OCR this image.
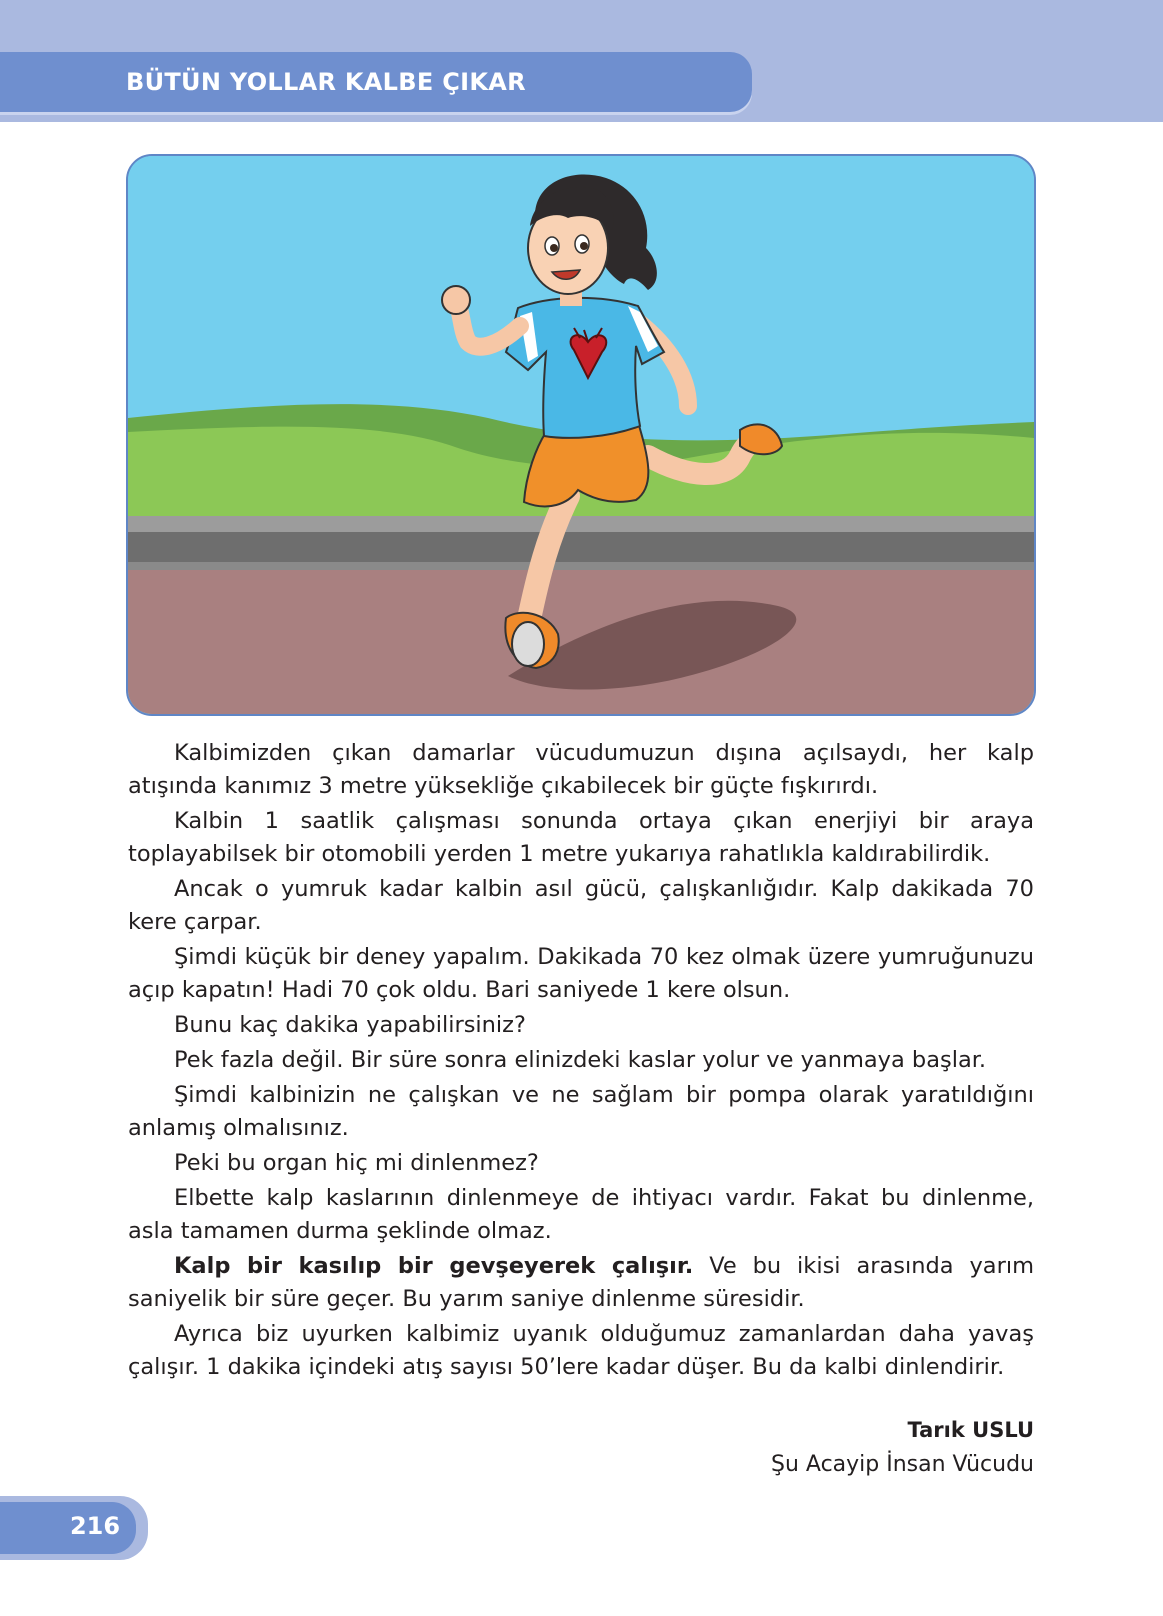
BÜTÜN YOLLAR KALBE ÇIKAR

Kalbimizden çıkan damarlar vücudumuzun dışına açılsaydı, her kalp atışında kanımız 3 metre yüksekliğe çıkabilecek bir güçte fışkırırdı.

Kalbin 1 saatlik çalışması sonunda ortaya çıkan enerjiyi bir araya toplayabilsek bir otomobili yerden 1 metre yukarıya rahatlıkla kaldırabilirdik.

Ancak o yumruk kadar kalbin asıl gücü, çalışkanlığıdır. Kalp dakikada 70 kere çarpar.

Şimdi küçük bir deney yapalım. Dakikada 70 kez olmak üzere yumruğunuzu açıp kapatın! Hadi 70 çok oldu. Bari saniyede 1 kere olsun.

Bunu kaç dakika yapabilirsiniz?

Pek fazla değil. Bir süre sonra elinizdeki kaslar yolur ve yanmaya başlar.

Şimdi kalbinizin ne çalışkan ve ne sağlam bir pompa olarak yaratıldığını anlamış olmalısınız.

Peki bu organ hiç mi dinlenmez?

Elbette kalp kaslarının dinlenmeye de ihtiyacı vardır. Fakat bu dinlenme, asla tamamen durma şeklinde olmaz.

Kalp bir kasılıp bir gevşeyerek çalışır. Ve bu ikisi arasında yarım saniyelik bir süre geçer. Bu yarım saniye dinlenme süresidir.

Ayrıca biz uyurken kalbimiz uyanık olduğumuz zamanlardan daha yavaş çalışır. 1 dakika içindeki atış sayısı 50’lere kadar düşer. Bu da kalbi dinlendirir.

Tarık USLU
Şu Acayip İnsan Vücudu
216
